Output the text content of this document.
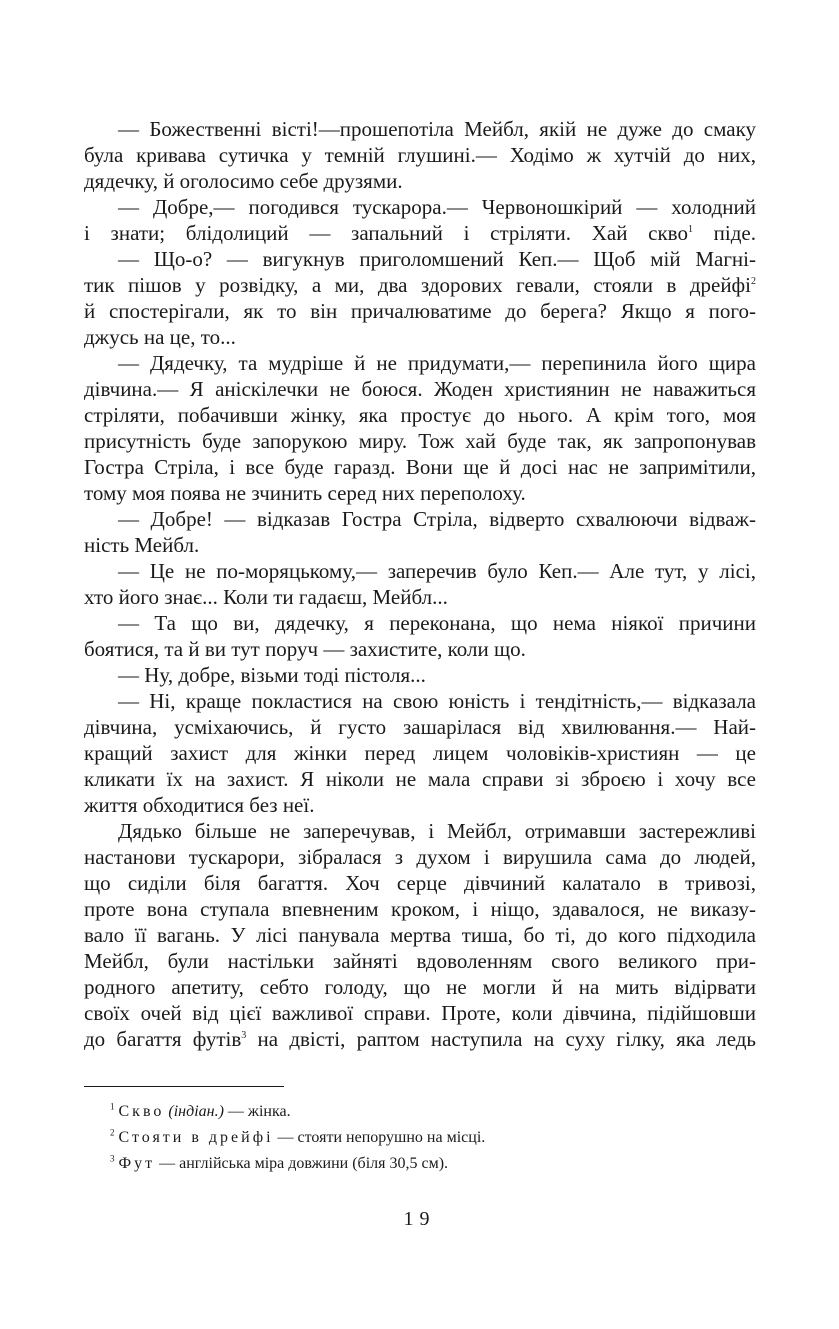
— Божественні вісті!—прошепотіла Мейбл, якій не дуже до смаку
була кривава сутичка у темній глушині.— Ходімо ж хутчій до них,
дядечку, й оголосимо себе друзями.
— Добре,— погодився тускарора.— Червоношкірий — холодний
і знати; блідолиций — запальний і стріляти. Хай скво$^1$ піде.
— Що-о? — вигукнув приголомшений Кеп.— Щоб мій Магні-
тик пішов у розвідку, а ми, два здорових гевали, стояли в дрейфі$^2$
й спостерігали, як то він причалюватиме до берега? Якщо я пого-
джусь на це, то...
— Дядечку, та мудріше й не придумати,— перепинила його щира
дівчина.— Я аніскілечки не боюся. Жоден християнин не наважиться
стріляти, побачивши жінку, яка простує до нього. А крім того, моя
присутність буде запорукою миру. Тож хай буде так, як запропонував
Гостра Стріла, і все буде гаразд. Вони ще й досі нас не запримітили,
тому моя поява не зчинить серед них переполоху.
— Добре! — відказав Гостра Стріла, відверто схвалюючи відваж-
ність Мейбл.
— Це не по-моряцькому,— заперечив було Кеп.— Але тут, у лісі,
хто його знає... Коли ти гадаєш, Мейбл...
— Та що ви, дядечку, я переконана, що нема ніякої причини
боятися, та й ви тут поруч — захистите, коли що.
— Ну, добре, візьми тоді пістоля...
— Ні, краще покластися на свою юність і тендітність,— відказала
дівчина, усміхаючись, й густо зашарілася від хвилювання.— Най-
кращий захист для жінки перед лицем чоловіків-християн — це
кликати їх на захист. Я ніколи не мала справи зі зброєю і хочу все
життя обходитися без неї.
Дядько більше не заперечував, і Мейбл, отримавши застережливі
настанови тускарори, зібралася з духом і вирушила сама до людей,
що сиділи біля багаття. Хоч серце дівчиний калатало в тривозі,
проте вона ступала впевненим кроком, і ніщо, здавалося, не виказу-
вало її вагань. У лісі панувала мертва тиша, бо ті, до кого підходила
Мейбл, були настільки зайняті вдоволенням свого великого при-
родного апетиту, себто голоду, що не могли й на мить відірвати
своїх очей від цієї важливої справи. Проте, коли дівчина, підійшовши
до багаття футів$^3$ на двісті, раптом наступила на суху гілку, яка ледь
$^1$ Скво (індіан.) — жінка.
$^2$ Стояти в дрейфі — стояти непорушно на місці.
$^3$ Фут — англійська міра довжини (біля 30,5 см).
19
